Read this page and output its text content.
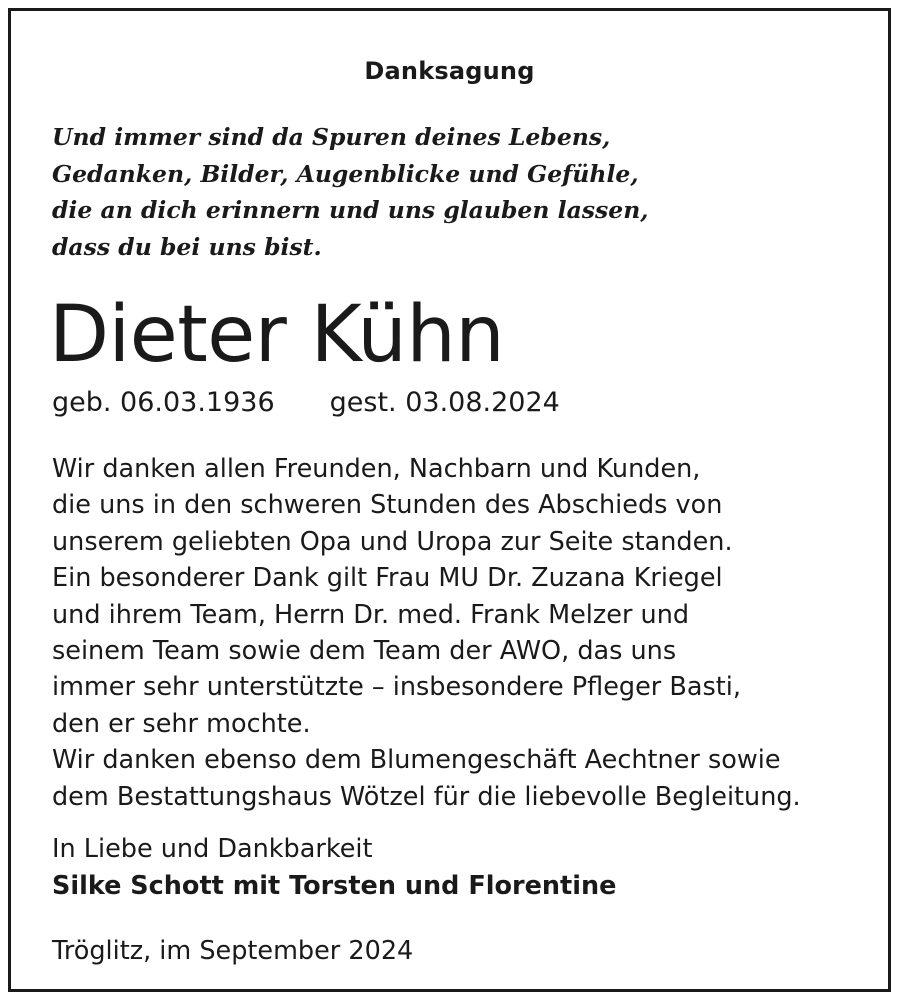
Danksagung
Und immer sind da Spuren deines Lebens,
Gedanken, Bilder, Augenblicke und Gefühle,
die an dich erinnern und uns glauben lassen,
dass du bei uns bist.
Dieter Kühn
geb. 06.03.1936 gest. 03.08.2024
Wir danken allen Freunden, Nachbarn und Kunden,
die uns in den schweren Stunden des Abschieds von
unserem geliebten Opa und Uropa zur Seite standen.
Ein besonderer Dank gilt Frau MU Dr. Zuzana Kriegel
und ihrem Team, Herrn Dr. med. Frank Melzer und
seinem Team sowie dem Team der AWO, das uns
immer sehr unterstützte – insbesondere Pfleger Basti,
den er sehr mochte.
Wir danken ebenso dem Blumengeschäft Aechtner sowie
dem Bestattungshaus Wötzel für die liebevolle Begleitung.
In Liebe und Dankbarkeit
Silke Schott mit Torsten und Florentine
Tröglitz, im September 2024
